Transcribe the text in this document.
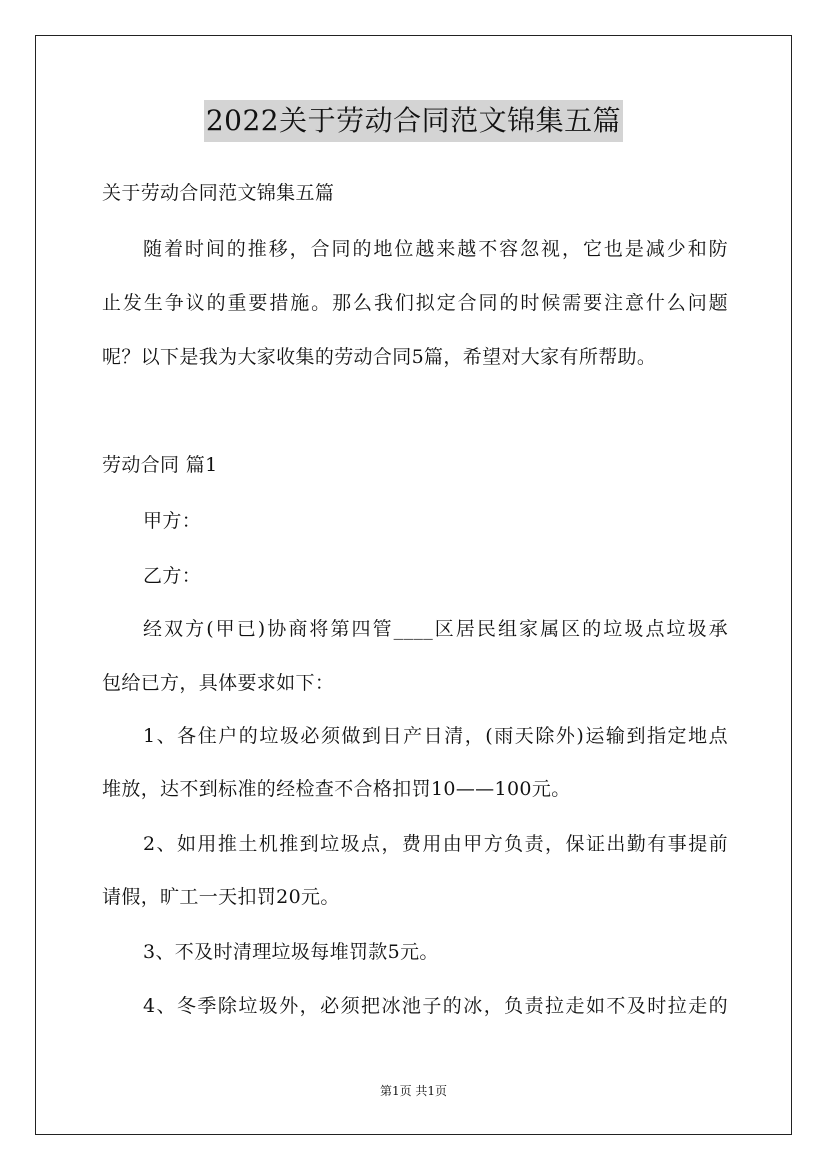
2022关于劳动合同范文锦集五篇
关于劳动合同范文锦集五篇
随着时间的推移，合同的地位越来越不容忽视，它也是减少和防
止发生争议的重要措施。那么我们拟定合同的时候需要注意什么问题
呢？以下是我为大家收集的劳动合同5篇，希望对大家有所帮助。
劳动合同 篇1
甲方：
乙方：
经双方(甲已)协商将第四管____区居民组家属区的垃圾点垃圾承
包给已方，具体要求如下：
1、各住户的垃圾必须做到日产日清，(雨天除外)运输到指定地点
堆放，达不到标准的经检查不合格扣罚10——100元。
2、如用推土机推到垃圾点，费用由甲方负责，保证出勤有事提前
请假，旷工一天扣罚20元。
3、不及时清理垃圾每堆罚款5元。
4、冬季除垃圾外，必须把冰池子的冰，负责拉走如不及时拉走的
第1页 共1页
